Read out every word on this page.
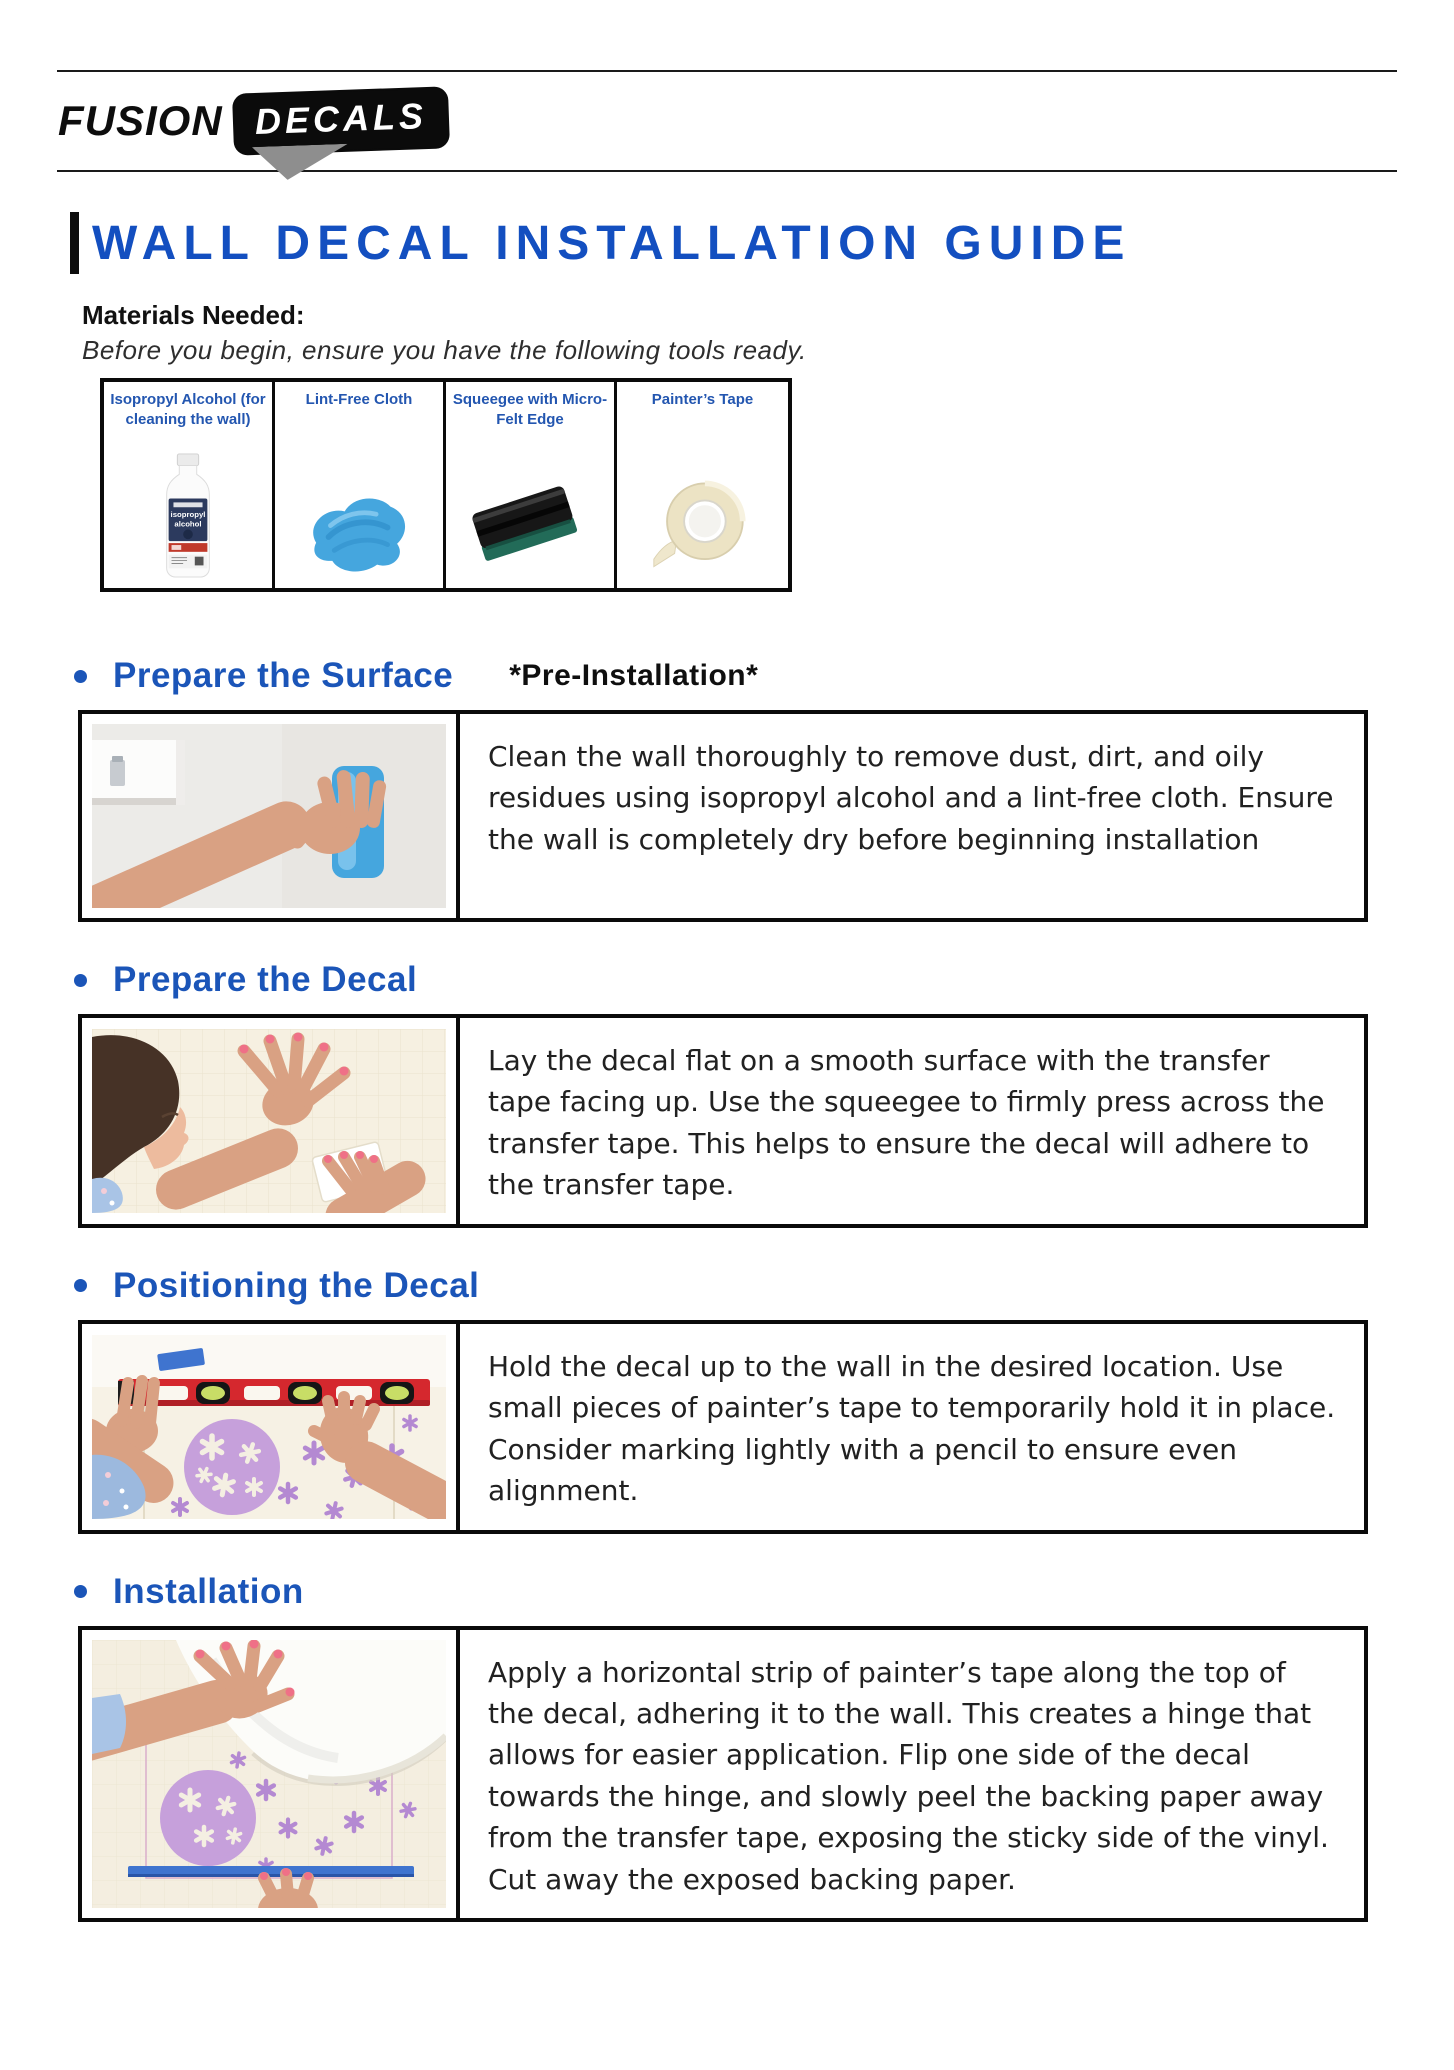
FUSION DECALS
WALL DECAL INSTALLATION GUIDE
Materials Needed:
Before you begin, ensure you have the following tools ready.
Isopropyl Alcohol (for cleaning the wall)
isopropyl
alcohol
Lint-Free Cloth	Squeegee with Micro-Felt Edge
Painter’s Tape
Prepare the Surface *Pre-Installation*
Clean the wall thoroughly to remove dust, dirt, and oily residues using isopropyl alcohol and a lint-free cloth. Ensure the wall is completely dry before beginning installation
Prepare the Decal
Lay the decal flat on a smooth surface with the transfer tape facing up. Use the squeegee to firmly press across the transfer tape. This helps to ensure the decal will adhere to the transfer tape.
Positioning the Decal
Hold the decal up to the wall in the desired location. Use small pieces of painter’s tape to temporarily hold it in place. Consider marking lightly with a pencil to ensure even alignment.
Installation
Apply a horizontal strip of painter’s tape along the top of the decal, adhering it to the wall. This creates a hinge that allows for easier application. Flip one side of the decal towards the hinge, and slowly peel the backing paper away from the transfer tape, exposing the sticky side of the vinyl. Cut away the exposed backing paper.
